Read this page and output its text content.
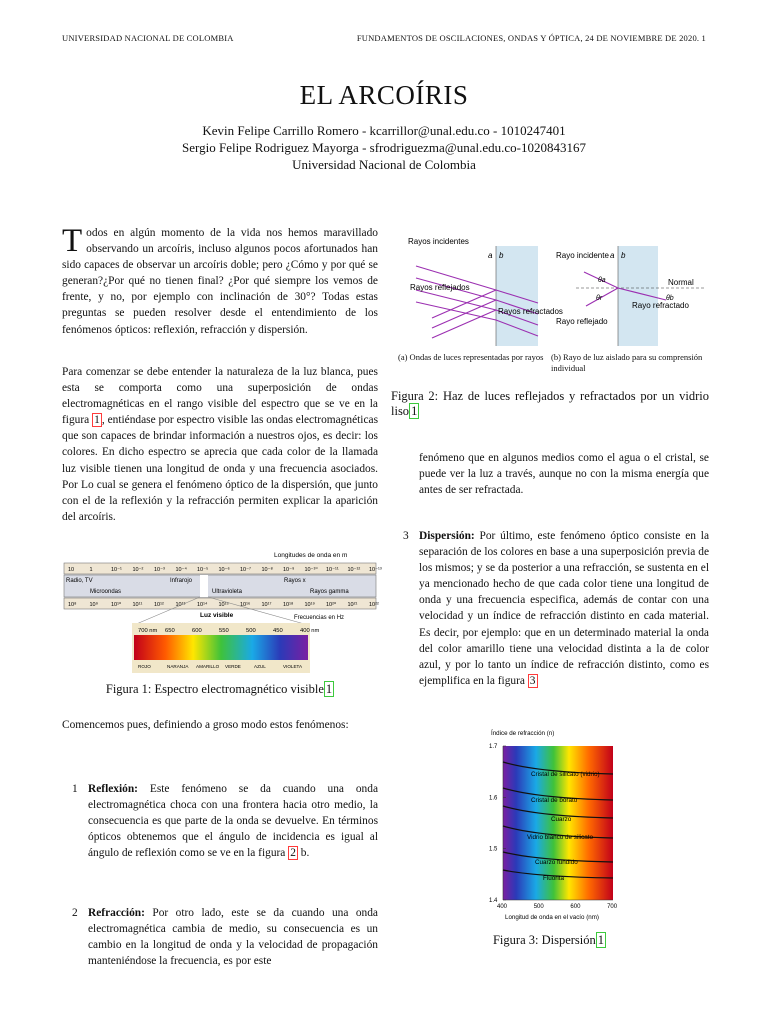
UNIVERSIDAD NACIONAL DE COLOMBIA	FUNDAMENTOS DE OSCILACIONES, ONDAS Y ÓPTICA, 24 DE NOVIEMBRE DE 2020. 1
EL ARCOÍRIS
Kevin Felipe Carrillo Romero - kcarrillor@unal.edu.co - 1010247401
Sergio Felipe Rodriguez Mayorga - sfrodriguezma@unal.edu.co-1020843167
Universidad Nacional de Colombia
Todos en algún momento de la vida nos hemos maravillado observando un arcoíris, incluso algunos pocos afortunados han sido capaces de observar un arcoíris doble; pero ¿Cómo y por qué se generan?¿Por qué no tienen final? ¿Por qué siempre los vemos de frente, y no, por ejemplo con inclinación de 30°? Todas estas preguntas se pueden resolver desde el entendimiento de los fenómenos ópticos: reflexión, refracción y dispersión.
Para comenzar se debe entender la naturaleza de la luz blanca, pues esta se comporta como una superposición de ondas electromagnéticas en el rango visible del espectro que se ve en la figura 1 , entiéndase por espectro visible las ondas electromagnéticas que son capaces de brindar información a nuestros ojos, es decir: los colores. En dicho espectro se aprecia que cada color de la llamada luz visible tienen una longitud de onda y una frecuencia asociados. Por Lo cual se genera el fenómeno óptico de la dispersión, que junto con el de la reflexión y la refracción permiten explicar la aparición del arcoíris.
Longitudes de onda en m
10	1	10⁻¹ 10⁻² 10⁻³ 10⁻⁴ 10⁻⁵ 10⁻⁶ 10⁻⁷ 10⁻⁸ 10⁻⁹ 10⁻¹⁰ 10⁻¹¹ 10⁻¹² 10⁻¹³
Radio, TV
Microondas
Infrarojo
Ultravioleta
Rayos x
Rayos gamma
10⁸ 10⁹ 10¹⁰ 10¹¹ 10¹² 10¹³ 10¹⁴ 10¹⁵ 10¹⁶ 10¹⁷ 10¹⁸ 10¹⁹ 10²⁰ 10²¹ 10²²
Luz visible	Frecuencias en Hz
700 nm 650	600	550	500	450	400 nm
ROJO	NARANJA AMARILLO VERDE	AZUL	VIOLETA
Figura 1: Espectro electromagnético visible 1
Comencemos pues, definiendo a groso modo estos fenómenos:
1 Reflexión: Este fenómeno se da cuando una onda electromagnética choca con una frontera hacia otro medio, la consecuencia es que parte de la onda se devuelve. En términos ópticos obtenemos que el ángulo de incidencia es igual al ángulo de reflexión como se ve en la figura 2 b.
2 Refracción: Por otro lado, este se da cuando una onda electromagnética cambia de medio, su consecuencia es un cambio en la longitud de onda y la velocidad de propagación manteniéndose la frecuencia, es por este
Rayos incidentes
a b
Rayos reflejados
Rayos refractados
Rayo incidente
Rayo reflejado
Rayo refractado
Normal
a b
θa
θr	θb
(a) Ondas de luces representadas por rayos (b) Rayo de luz aislado para su comprensión individual
Figura 2: Haz de luces reflejados y refractados por un vidrio liso 1
fenómeno que en algunos medios como el agua o el cristal, se puede ver la luz a través, aunque no con la misma energía que antes de ser refractada.
3 Dispersión: Por último, este fenómeno óptico consiste en la separación de los colores en base a una superposición previa de los mismos; y se da posterior a una refracción, se sustenta en el ya mencionado hecho de que cada color tiene una longitud de onda y una frecuencia especifica, además de contar con una velocidad y un índice de refracción distinto en cada material. Es decir, por ejemplo: que en un determinado material la onda del color amarillo tiene una velocidad distinta a la de color azul, y por lo tanto un índice de refracción distinto, como es ejemplifica en la figura 3
Índice de refracción (n)
1.7
1.6
1.5
1.4
400	500	600	700
Cristal de silicato (vidrio)
Cristal de borato
Cuarzo
Vidrio blanco de silicato
Cuarzo fundido
Fluorita
Longitud de onda en el vacío (nm)
Figura 3: Dispersión 1
